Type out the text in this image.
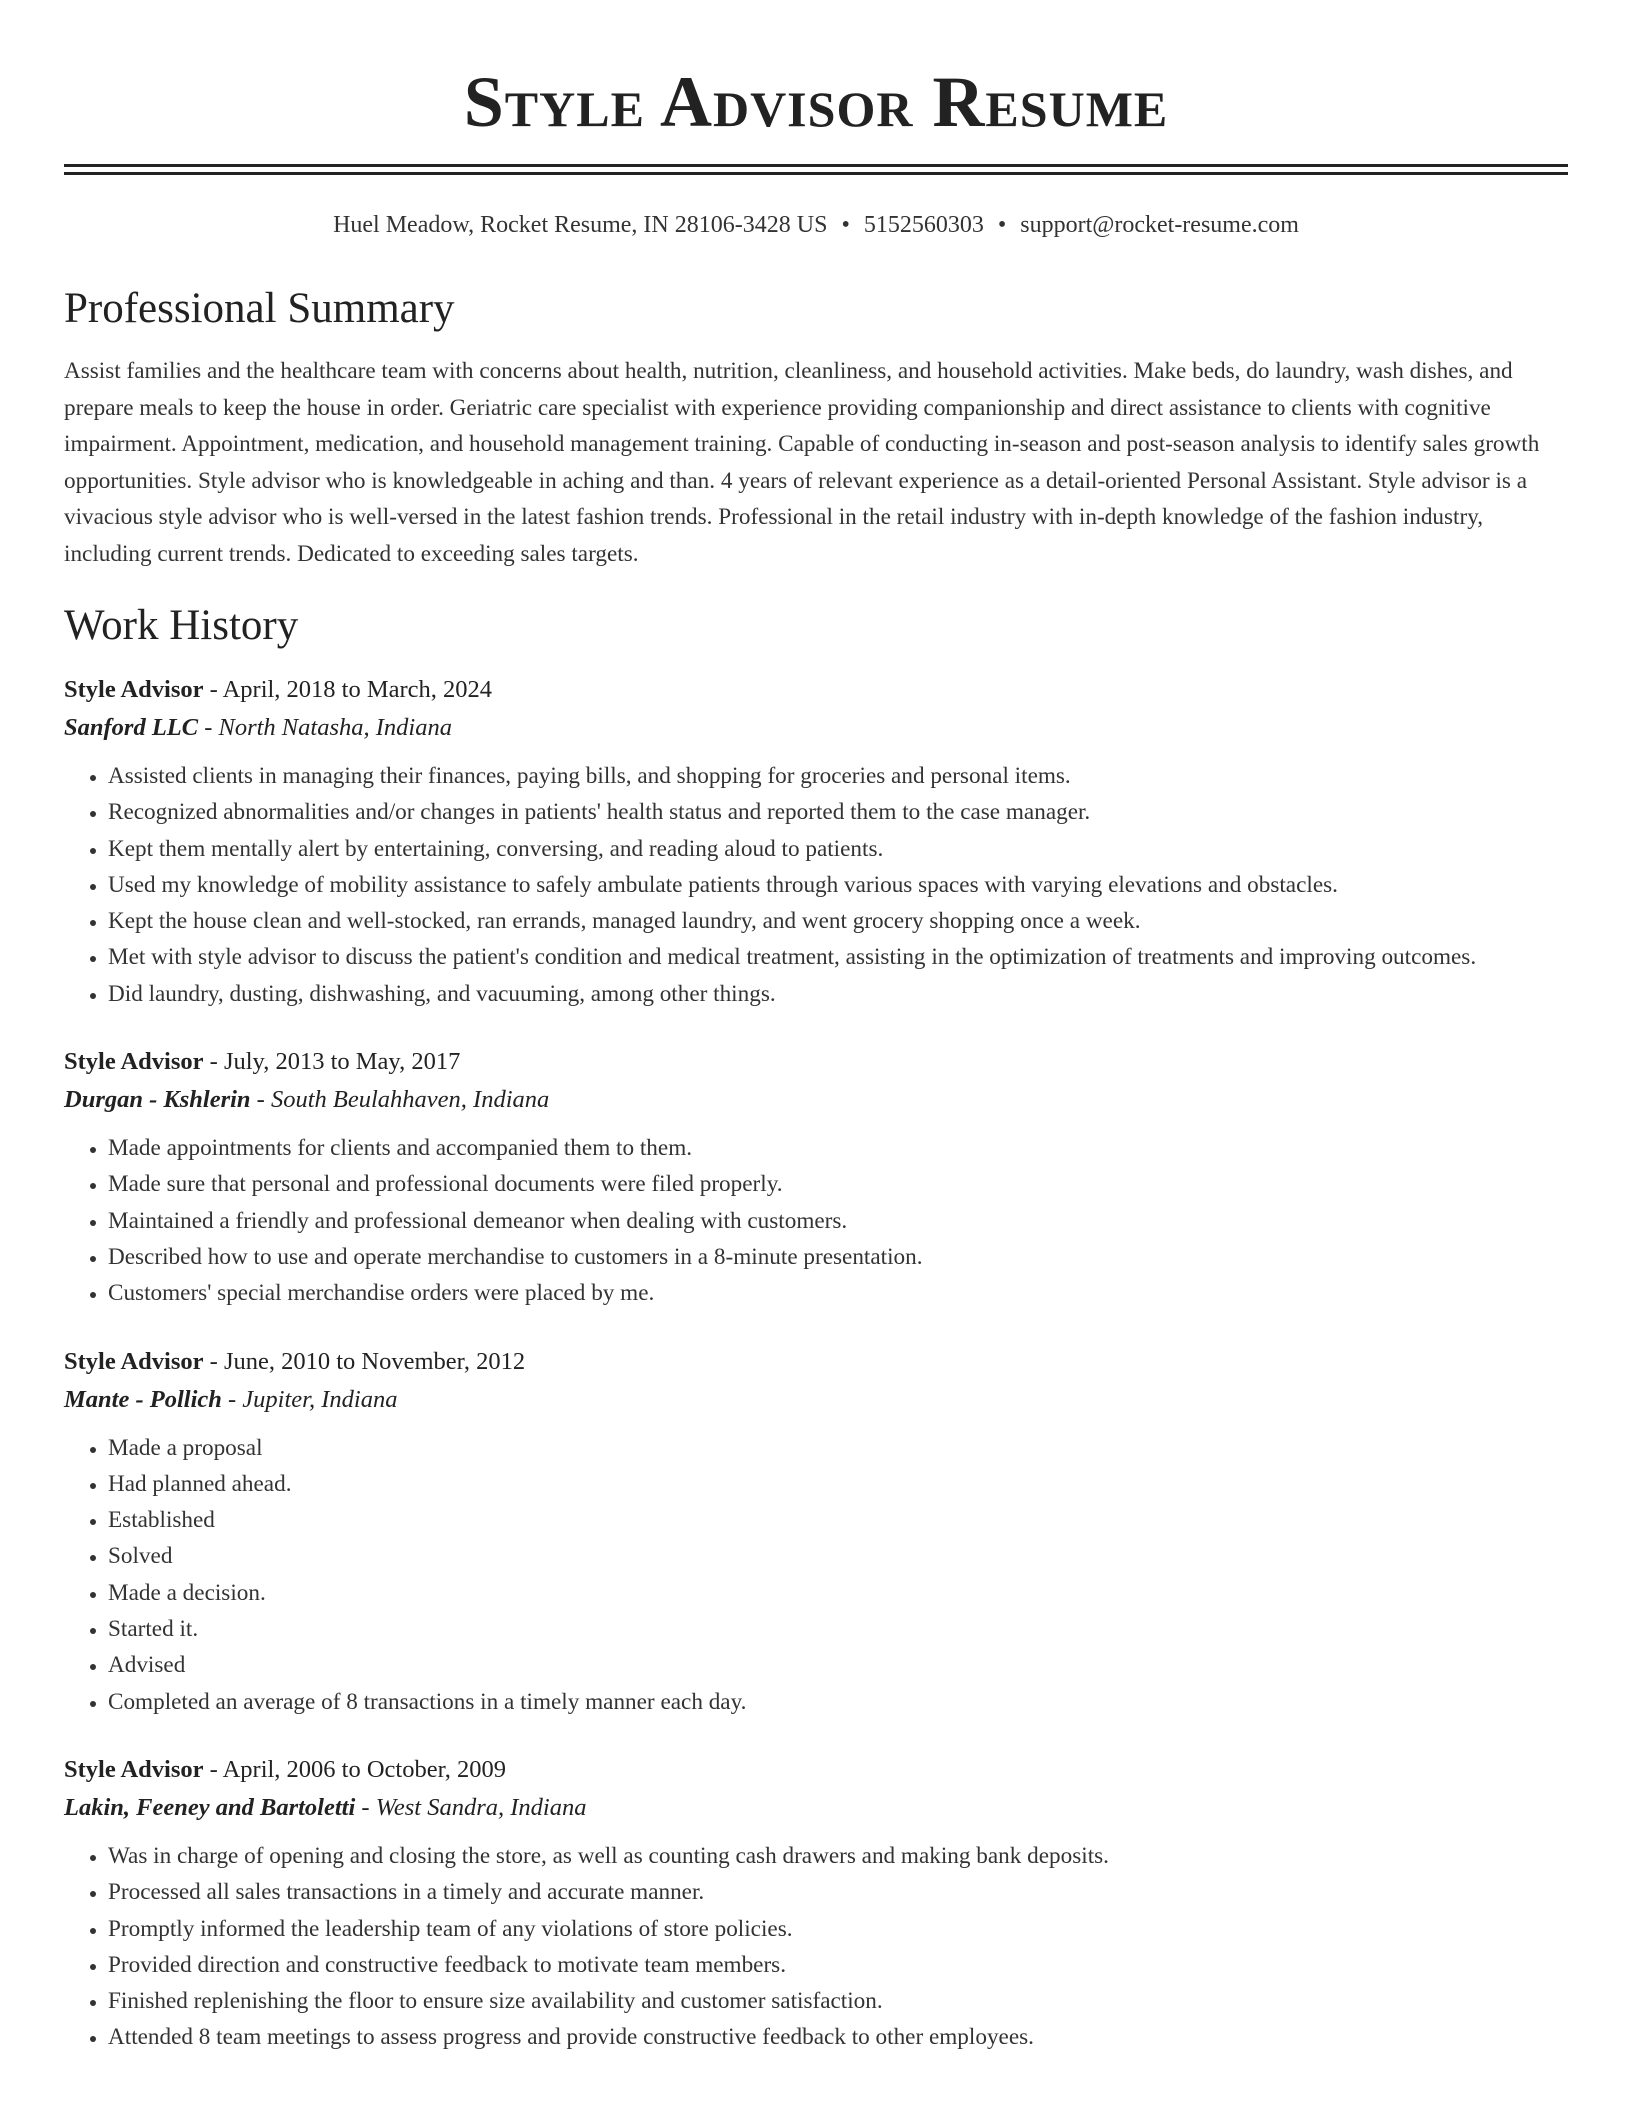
Style Advisor Resume
Huel Meadow, Rocket Resume, IN 28106-3428 US • 5152560303 • support@rocket-resume.com
Professional Summary

Assist families and the healthcare team with concerns about health, nutrition, cleanliness, and household activities. Make beds, do laundry, wash dishes, and prepare meals to keep the house in order. Geriatric care specialist with experience providing companionship and direct assistance to clients with cognitive impairment. Appointment, medication, and household management training. Capable of conducting in-season and post-season analysis to identify sales growth opportunities. Style advisor who is knowledgeable in aching and than. 4 years of relevant experience as a detail-oriented Personal Assistant. Style advisor is a vivacious style advisor who is well-versed in the latest fashion trends. Professional in the retail industry with in-depth knowledge of the fashion industry, including current trends. Dedicated to exceeding sales targets.

Work History
Style Advisor - April, 2018 to March, 2024
Sanford LLC - North Natasha, Indiana
• Assisted clients in managing their finances, paying bills, and shopping for groceries and personal items.
• Recognized abnormalities and/or changes in patients' health status and reported them to the case manager.
• Kept them mentally alert by entertaining, conversing, and reading aloud to patients.
• Used my knowledge of mobility assistance to safely ambulate patients through various spaces with varying elevations and obstacles.
• Kept the house clean and well-stocked, ran errands, managed laundry, and went grocery shopping once a week.
• Met with style advisor to discuss the patient's condition and medical treatment, assisting in the optimization of treatments and improving outcomes.
• Did laundry, dusting, dishwashing, and vacuuming, among other things.
Style Advisor - July, 2013 to May, 2017
Durgan - Kshlerin - South Beulahhaven, Indiana
• Made appointments for clients and accompanied them to them.
• Made sure that personal and professional documents were filed properly.
• Maintained a friendly and professional demeanor when dealing with customers.
• Described how to use and operate merchandise to customers in a 8-minute presentation.
• Customers' special merchandise orders were placed by me.
Style Advisor - June, 2010 to November, 2012
Mante - Pollich - Jupiter, Indiana
• Made a proposal
• Had planned ahead.
• Established
• Solved
• Made a decision.
• Started it.
• Advised
• Completed an average of 8 transactions in a timely manner each day.
Style Advisor - April, 2006 to October, 2009
Lakin, Feeney and Bartoletti - West Sandra, Indiana
• Was in charge of opening and closing the store, as well as counting cash drawers and making bank deposits.
• Processed all sales transactions in a timely and accurate manner.
• Promptly informed the leadership team of any violations of store policies.
• Provided direction and constructive feedback to motivate team members.
• Finished replenishing the floor to ensure size availability and customer satisfaction.
• Attended 8 team meetings to assess progress and provide constructive feedback to other employees.
